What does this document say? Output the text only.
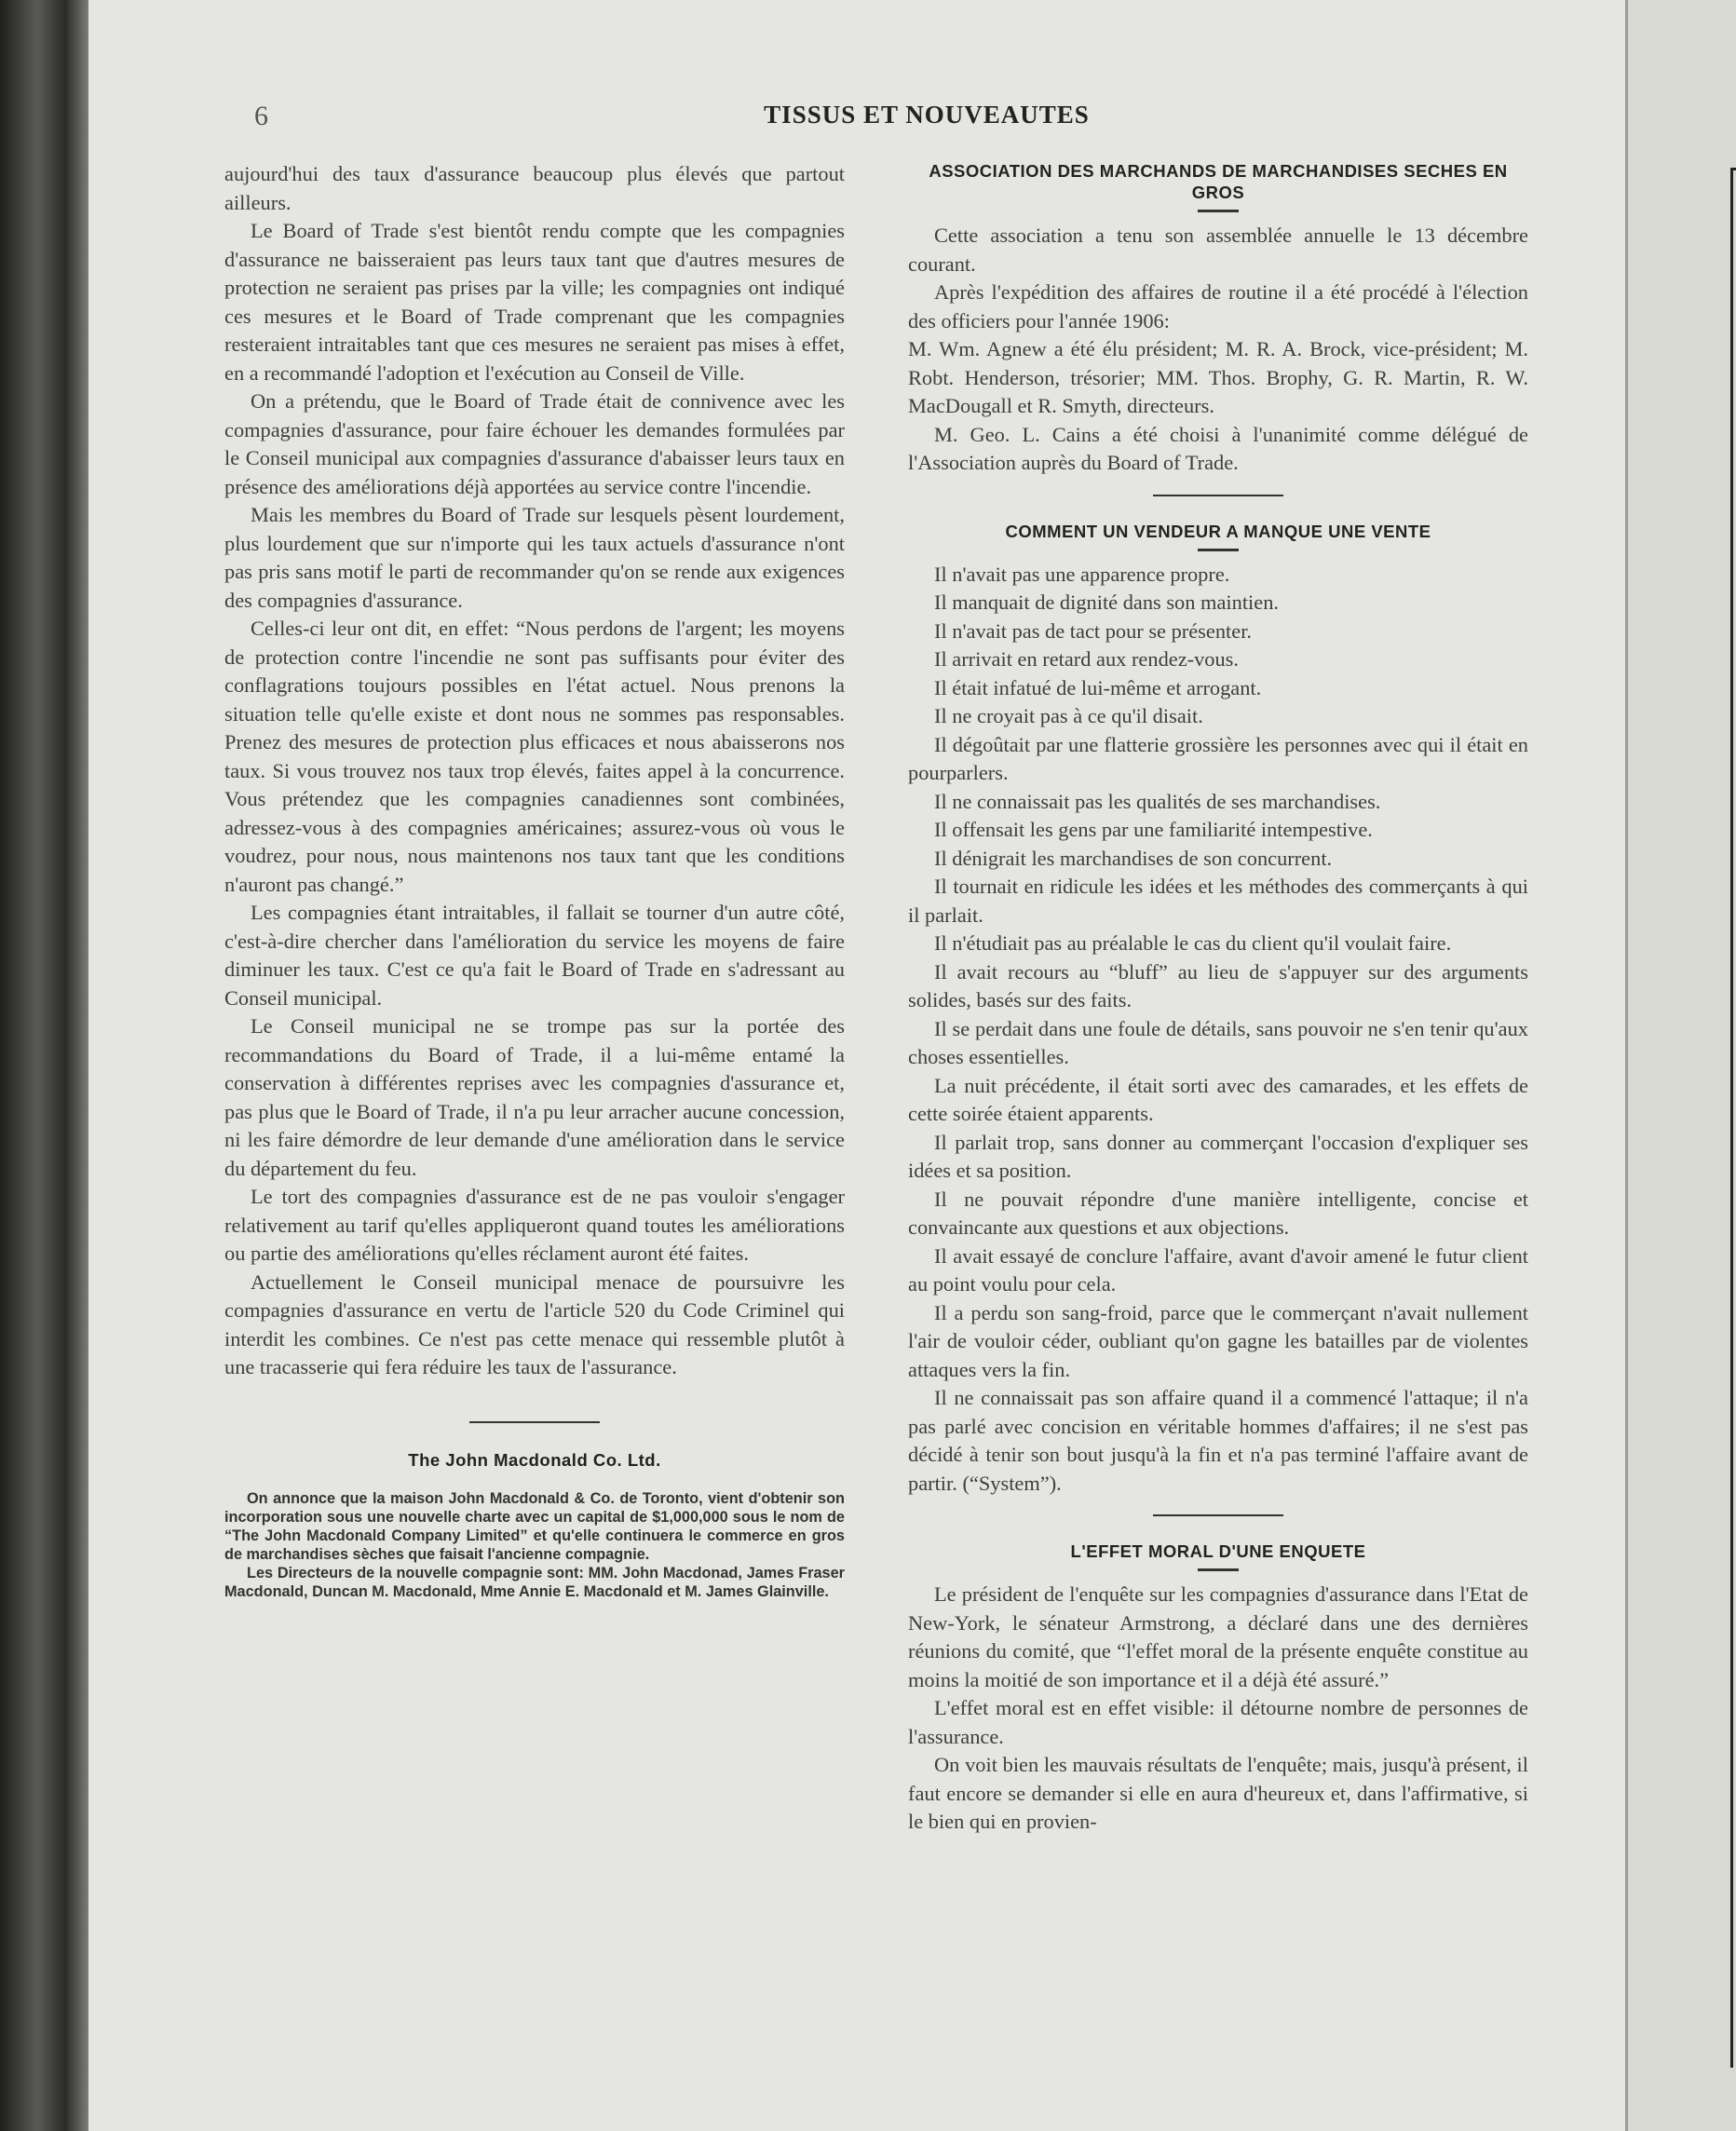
6	TISSUS ET NOUVEAUTES

aujourd'hui des taux d'assurance beaucoup plus élevés que partout ailleurs.

Le Board of Trade s'est bientôt rendu compte que les compagnies d'assurance ne baisseraient pas leurs taux tant que d'autres mesures de protection ne seraient pas prises par la ville; les compagnies ont indiqué ces mesures et le Board of Trade comprenant que les compagnies resteraient intraitables tant que ces mesures ne seraient pas mises à effet, en a recommandé l'adoption et l'exécution au Conseil de Ville.

On a prétendu, que le Board of Trade était de connivence avec les compagnies d'assurance, pour faire échouer les demandes formulées par le Conseil municipal aux compagnies d'assurance d'abaisser leurs taux en présence des améliorations déjà apportées au service contre l'incendie.

Mais les membres du Board of Trade sur lesquels pèsent lourdement, plus lourdement que sur n'importe qui les taux actuels d'assurance n'ont pas pris sans motif le parti de recommander qu'on se rende aux exigences des compagnies d'assurance.

Celles-ci leur ont dit, en effet: “Nous perdons de l'argent; les moyens de protection contre l'incendie ne sont pas suffisants pour éviter des conflagrations toujours possibles en l'état actuel. Nous prenons la situation telle qu'elle existe et dont nous ne sommes pas responsables. Prenez des mesures de protection plus efficaces et nous abaisserons nos taux. Si vous trouvez nos taux trop élevés, faites appel à la concurrence. Vous prétendez que les compagnies canadiennes sont combinées, adressez-vous à des compagnies américaines; assurez-vous où vous le voudrez, pour nous, nous maintenons nos taux tant que les conditions n'auront pas changé.”

Les compagnies étant intraitables, il fallait se tourner d'un autre côté, c'est-à-dire chercher dans l'amélioration du service les moyens de faire diminuer les taux. C'est ce qu'a fait le Board of Trade en s'adressant au Conseil municipal.

Le Conseil municipal ne se trompe pas sur la portée des recommandations du Board of Trade, il a lui-même entamé la conservation à différentes reprises avec les compagnies d'assurance et, pas plus que le Board of Trade, il n'a pu leur arracher aucune concession, ni les faire démordre de leur demande d'une amélioration dans le service du département du feu.

Le tort des compagnies d'assurance est de ne pas vouloir s'engager relativement au tarif qu'elles appliqueront quand toutes les améliorations ou partie des améliorations qu'elles réclament auront été faites.

Actuellement le Conseil municipal menace de poursuivre les compagnies d'assurance en vertu de l'article 520 du Code Criminel qui interdit les combines. Ce n'est pas cette menace qui ressemble plutôt à une tracasserie qui fera réduire les taux de l'assurance.

The John Macdonald Co. Ltd.

On annonce que la maison John Macdonald & Co. de Toronto, vient d'obtenir son incorporation sous une nouvelle charte avec un capital de $1,000,000 sous le nom de “The John Macdonald Company Limited” et qu'elle continuera le commerce en gros de marchandises sèches que faisait l'ancienne compagnie.

Les Directeurs de la nouvelle compagnie sont: MM. John Macdonad, James Fraser Macdonald, Duncan M. Macdonald, Mme Annie E. Macdonald et M. James Glainville.

ASSOCIATION DES MARCHANDS DE MARCHANDISES SECHES EN GROS

Cette association a tenu son assemblée annuelle le 13 décembre courant.

Après l'expédition des affaires de routine il a été procédé à l'élection des officiers pour l'année 1906:

M. Wm. Agnew a été élu président; M. R. A. Brock, vice-président; M. Robt. Henderson, trésorier; MM. Thos. Brophy, G. R. Martin, R. W. MacDougall et R. Smyth, directeurs.

M. Geo. L. Cains a été choisi à l'unanimité comme délégué de l'Association auprès du Board of Trade.

COMMENT UN VENDEUR A MANQUE UNE VENTE

Il n'avait pas une apparence propre.

Il manquait de dignité dans son maintien.

Il n'avait pas de tact pour se présenter.

Il arrivait en retard aux rendez-vous.

Il était infatué de lui-même et arrogant.

Il ne croyait pas à ce qu'il disait.

Il dégoûtait par une flatterie grossière les personnes avec qui il était en pourparlers.

Il ne connaissait pas les qualités de ses marchandises.

Il offensait les gens par une familiarité intempestive.

Il dénigrait les marchandises de son concurrent.

Il tournait en ridicule les idées et les méthodes des commerçants à qui il parlait.

Il n'étudiait pas au préalable le cas du client qu'il voulait faire.

Il avait recours au “bluff” au lieu de s'appuyer sur des arguments solides, basés sur des faits.

Il se perdait dans une foule de détails, sans pouvoir ne s'en tenir qu'aux choses essentielles.

La nuit précédente, il était sorti avec des camarades, et les effets de cette soirée étaient apparents.

Il parlait trop, sans donner au commerçant l'occasion d'expliquer ses idées et sa position.

Il ne pouvait répondre d'une manière intelligente, concise et convaincante aux questions et aux objections.

Il avait essayé de conclure l'affaire, avant d'avoir amené le futur client au point voulu pour cela.

Il a perdu son sang-froid, parce que le commerçant n'avait nullement l'air de vouloir céder, oubliant qu'on gagne les batailles par de violentes attaques vers la fin.

Il ne connaissait pas son affaire quand il a commencé l'attaque; il n'a pas parlé avec concision en véritable hommes d'affaires; il ne s'est pas décidé à tenir son bout jusqu'à la fin et n'a pas terminé l'affaire avant de partir. (“System”).

L'EFFET MORAL D'UNE ENQUETE

Le président de l'enquête sur les compagnies d'assurance dans l'Etat de New-York, le sénateur Armstrong, a déclaré dans une des dernières réunions du comité, que “l'effet moral de la présente enquête constitue au moins la moitié de son importance et il a déjà été assuré.”

L'effet moral est en effet visible: il détourne nombre de personnes de l'assurance.

On voit bien les mauvais résultats de l'enquête; mais, jusqu'à présent, il faut encore se demander si elle en aura d'heureux et, dans l'affirmative, si le bien qui en provien-
